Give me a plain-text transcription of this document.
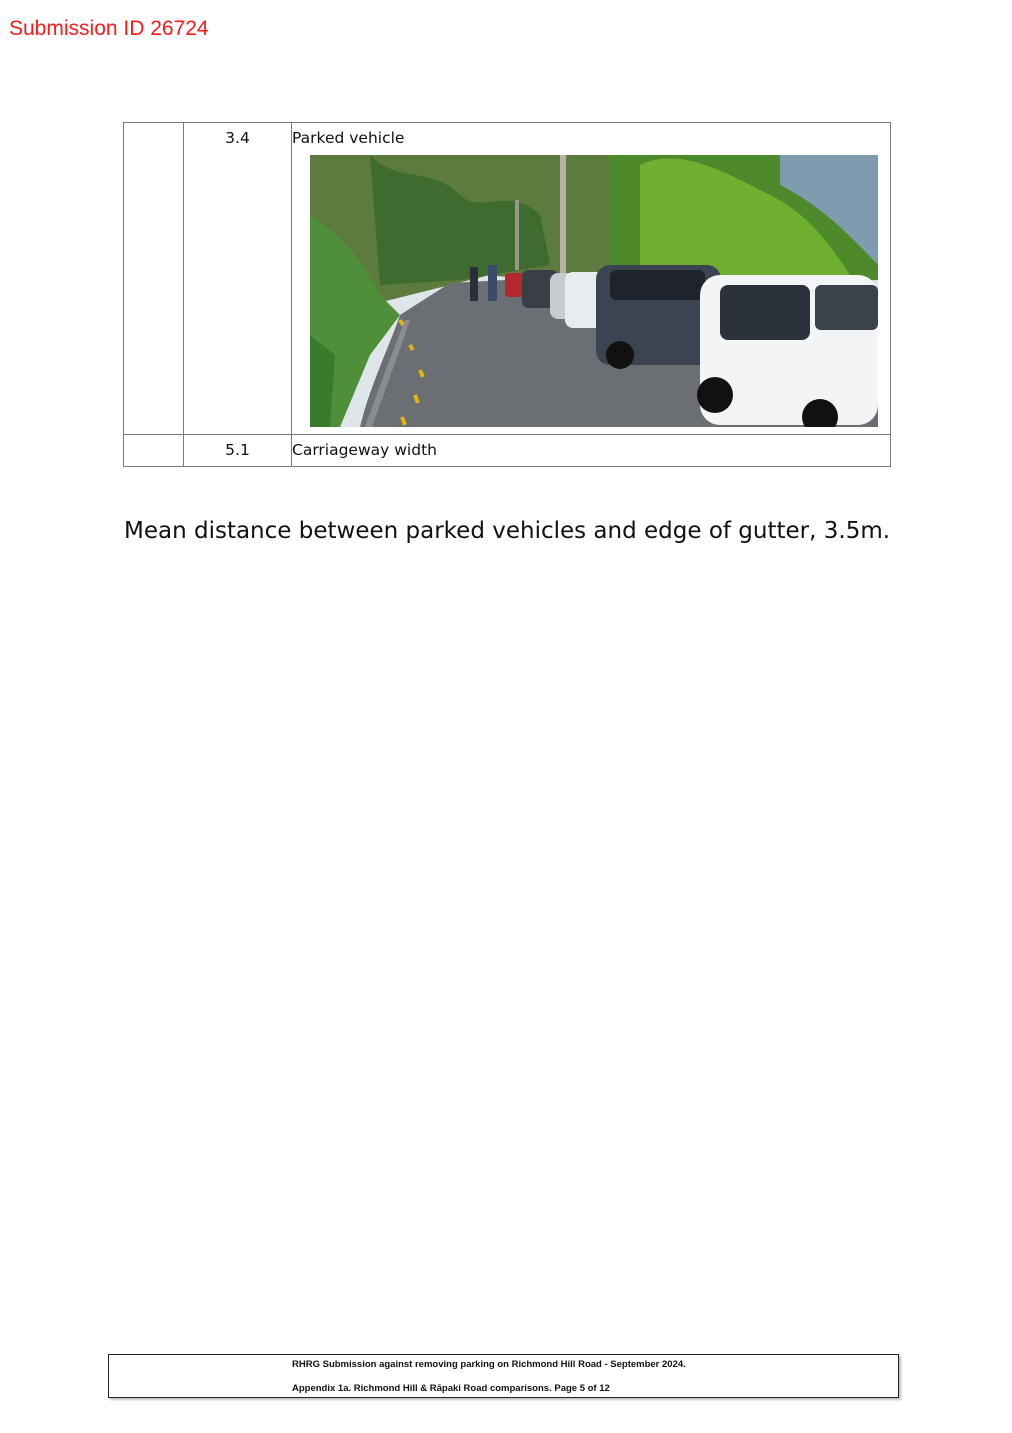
Submission ID 26724

	3.4	Parked vehicle

	5.1	Carriageway width
Mean distance between parked vehicles and edge of gutter, 3.5m.
RHRG Submission against removing parking on Richmond Hill Road - September 2024.
Appendix 1a. Richmond Hill & Rāpaki Road comparisons. Page 5 of 12
